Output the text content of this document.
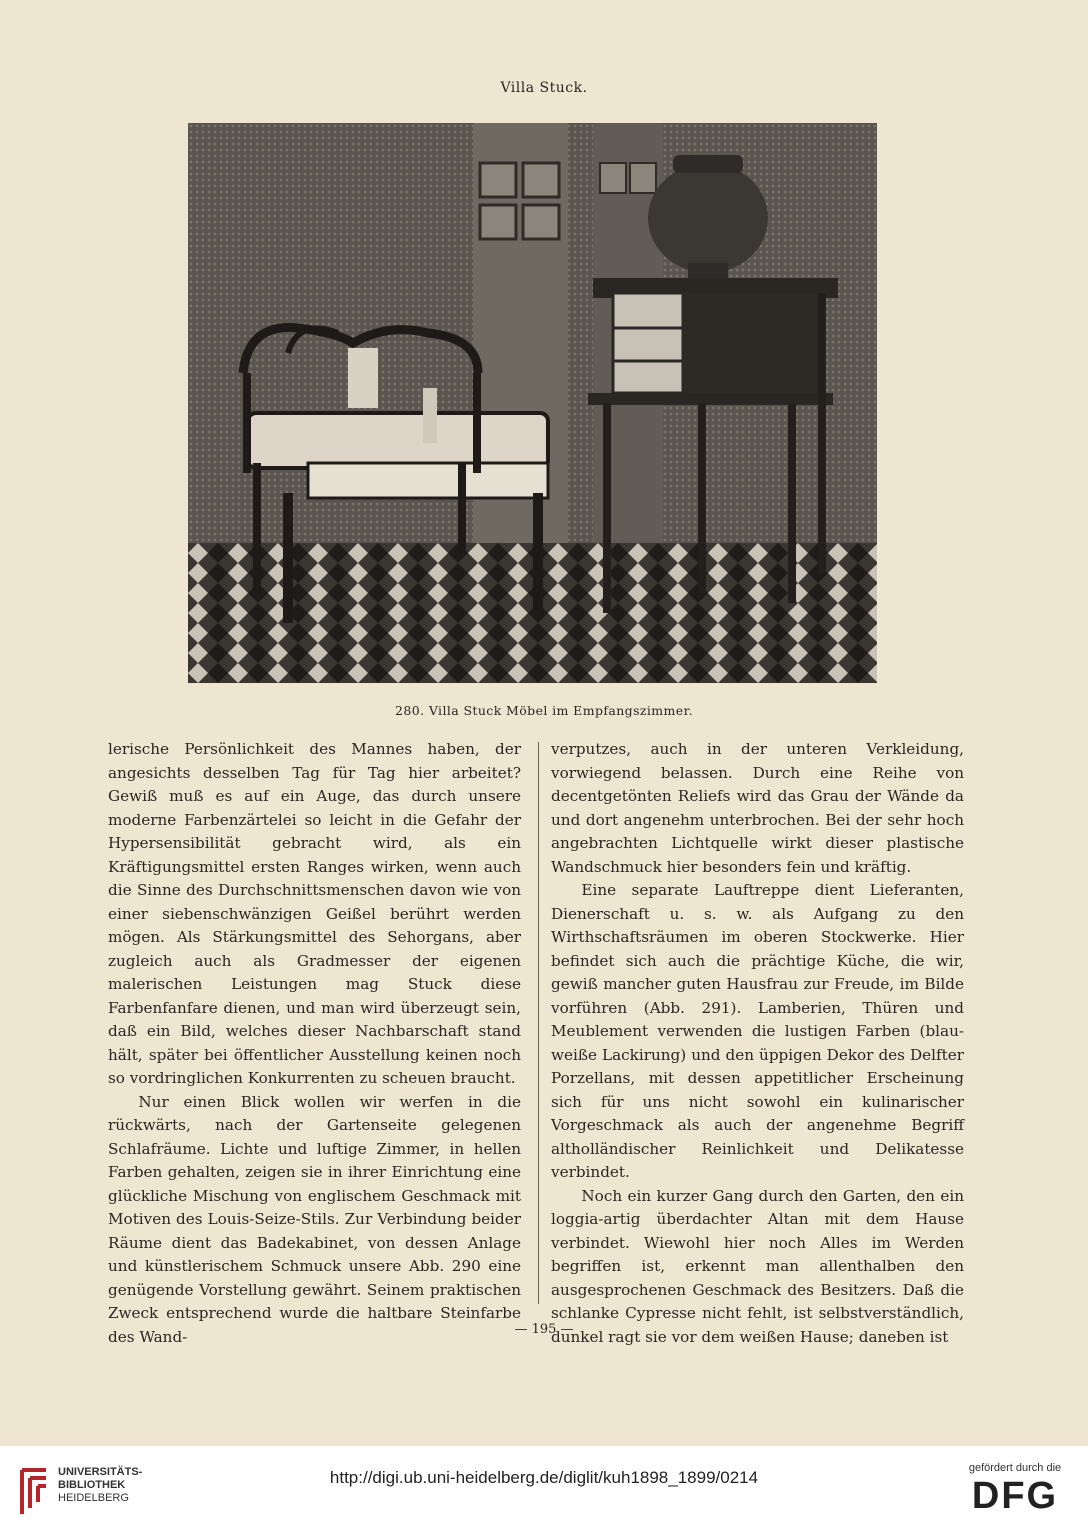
Villa Stuck.
280. Villa Stuck Möbel im Empfangszimmer.

lerische Persönlichkeit des Mannes haben, der angesichts desselben Tag für Tag hier arbeitet? Gewiß muß es auf ein Auge, das durch unsere moderne Farbenzärtelei so leicht in die Gefahr der Hypersensibilität gebracht wird, als ein Kräftigungsmittel ersten Ranges wirken, wenn auch die Sinne des Durchschnittsmenschen davon wie von einer siebenschwänzigen Geißel berührt werden mögen. Als Stärkungsmittel des Sehorgans, aber zugleich auch als Gradmesser der eigenen malerischen Leistungen mag Stuck diese Farbenfanfare dienen, und man wird überzeugt sein, daß ein Bild, welches dieser Nachbarschaft stand hält, später bei öffentlicher Ausstellung keinen noch so vordringlichen Konkurrenten zu scheuen braucht.

Nur einen Blick wollen wir werfen in die rückwärts, nach der Gartenseite gelegenen Schlafräume. Lichte und luftige Zimmer, in hellen Farben gehalten, zeigen sie in ihrer Einrichtung eine glückliche Mischung von englischem Geschmack mit Motiven des Louis-Seize-Stils. Zur Verbindung beider Räume dient das Badekabinet, von dessen Anlage und künstlerischem Schmuck unsere Abb. 290 eine genügende Vorstellung gewährt. Seinem praktischen Zweck entsprechend wurde die haltbare Steinfarbe des Wand-

verputzes, auch in der unteren Verkleidung, vorwiegend belassen. Durch eine Reihe von decentgetönten Reliefs wird das Grau der Wände da und dort angenehm unterbrochen. Bei der sehr hoch angebrachten Lichtquelle wirkt dieser plastische Wandschmuck hier besonders fein und kräftig.

Eine separate Lauftreppe dient Lieferanten, Dienerschaft u. s. w. als Aufgang zu den Wirthschaftsräumen im oberen Stockwerke. Hier befindet sich auch die prächtige Küche, die wir, gewiß mancher guten Hausfrau zur Freude, im Bilde vorführen (Abb. 291). Lamberien, Thüren und Meublement verwenden die lustigen Farben (blau-weiße Lackirung) und den üppigen Dekor des Delfter Porzellans, mit dessen appetitlicher Erscheinung sich für uns nicht sowohl ein kulinarischer Vorgeschmack als auch der angenehme Begriff altholländischer Reinlichkeit und Delikatesse verbindet.

Noch ein kurzer Gang durch den Garten, den ein loggia-artig überdachter Altan mit dem Hause verbindet. Wiewohl hier noch Alles im Werden begriffen ist, erkennt man allenthalben den ausgesprochenen Geschmack des Besitzers. Daß die schlanke Cypresse nicht fehlt, ist selbstverständlich, dunkel ragt sie vor dem weißen Hause; daneben ist

— 195 —
UNIVERSITÄTS-
BIBLIOTHEK
HEIDELBERG
http://digi.ub.uni-heidelberg.de/diglit/kuh1898_1899/0214	gefördert durch die
DFG
